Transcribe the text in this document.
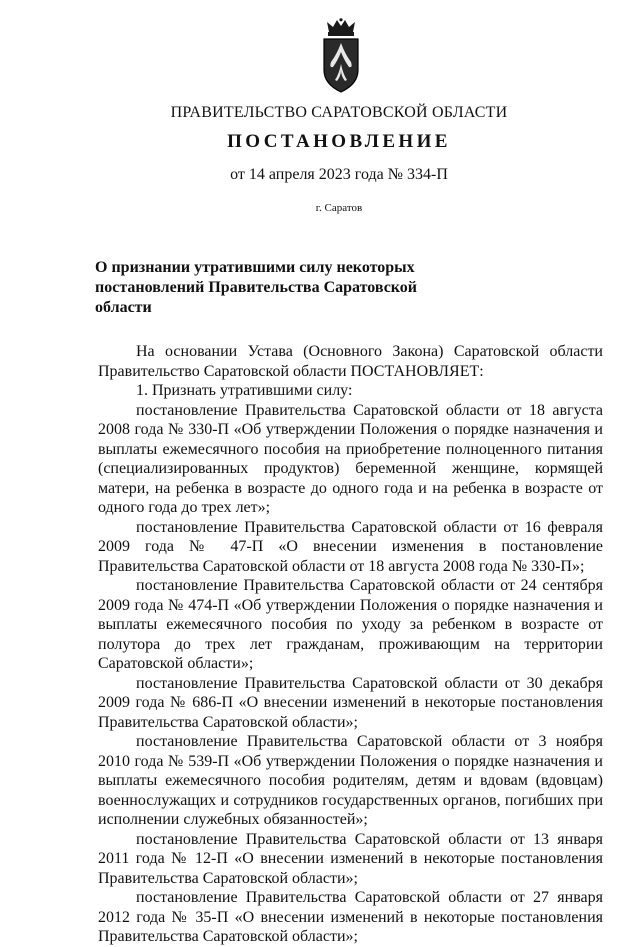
ПРАВИТЕЛЬСТВО САРАТОВСКОЙ ОБЛАСТИ
ПОСТАНОВЛЕНИЕ
от 14 апреля 2023 года № 334-П
г. Саратов
О признании утратившими силу некоторых постановлений Правительства Саратовской области

На основании Устава (Основного Закона) Саратовской области Правительство Саратовской области ПОСТАНОВЛЯЕТ:

1. Признать утратившими силу:

постановление Правительства Саратовской области от 18 августа 2008 года № 330-П «Об утверждении Положения о порядке назначения и выплаты ежемесячного пособия на приобретение полноценного питания (специализированных продуктов) беременной женщине, кормящей матери, на ребенка в возрасте до одного года и на ребенка в возрасте от одного года до трех лет»;

постановление Правительства Саратовской области от 16 февраля 2009 года № 47-П «О внесении изменения в постановление Правительства Саратовской области от 18 августа 2008 года № 330-П»;

постановление Правительства Саратовской области от 24 сентября 2009 года № 474-П «Об утверждении Положения о порядке назначения и выплаты ежемесячного пособия по уходу за ребенком в возрасте от полутора до трех лет гражданам, проживающим на территории Саратовской области»;

постановление Правительства Саратовской области от 30 декабря 2009 года № 686-П «О внесении изменений в некоторые постановления Правительства Саратовской области»;

постановление Правительства Саратовской области от 3 ноября 2010 года № 539-П «Об утверждении Положения о порядке назначения и выплаты ежемесячного пособия родителям, детям и вдовам (вдовцам) военнослужащих и сотрудников государственных органов, погибших при исполнении служебных обязанностей»;

постановление Правительства Саратовской области от 13 января 2011 года № 12-П «О внесении изменений в некоторые постановления Правительства Саратовской области»;

постановление Правительства Саратовской области от 27 января 2012 года № 35-П «О внесении изменений в некоторые постановления Правительства Саратовской области»;
